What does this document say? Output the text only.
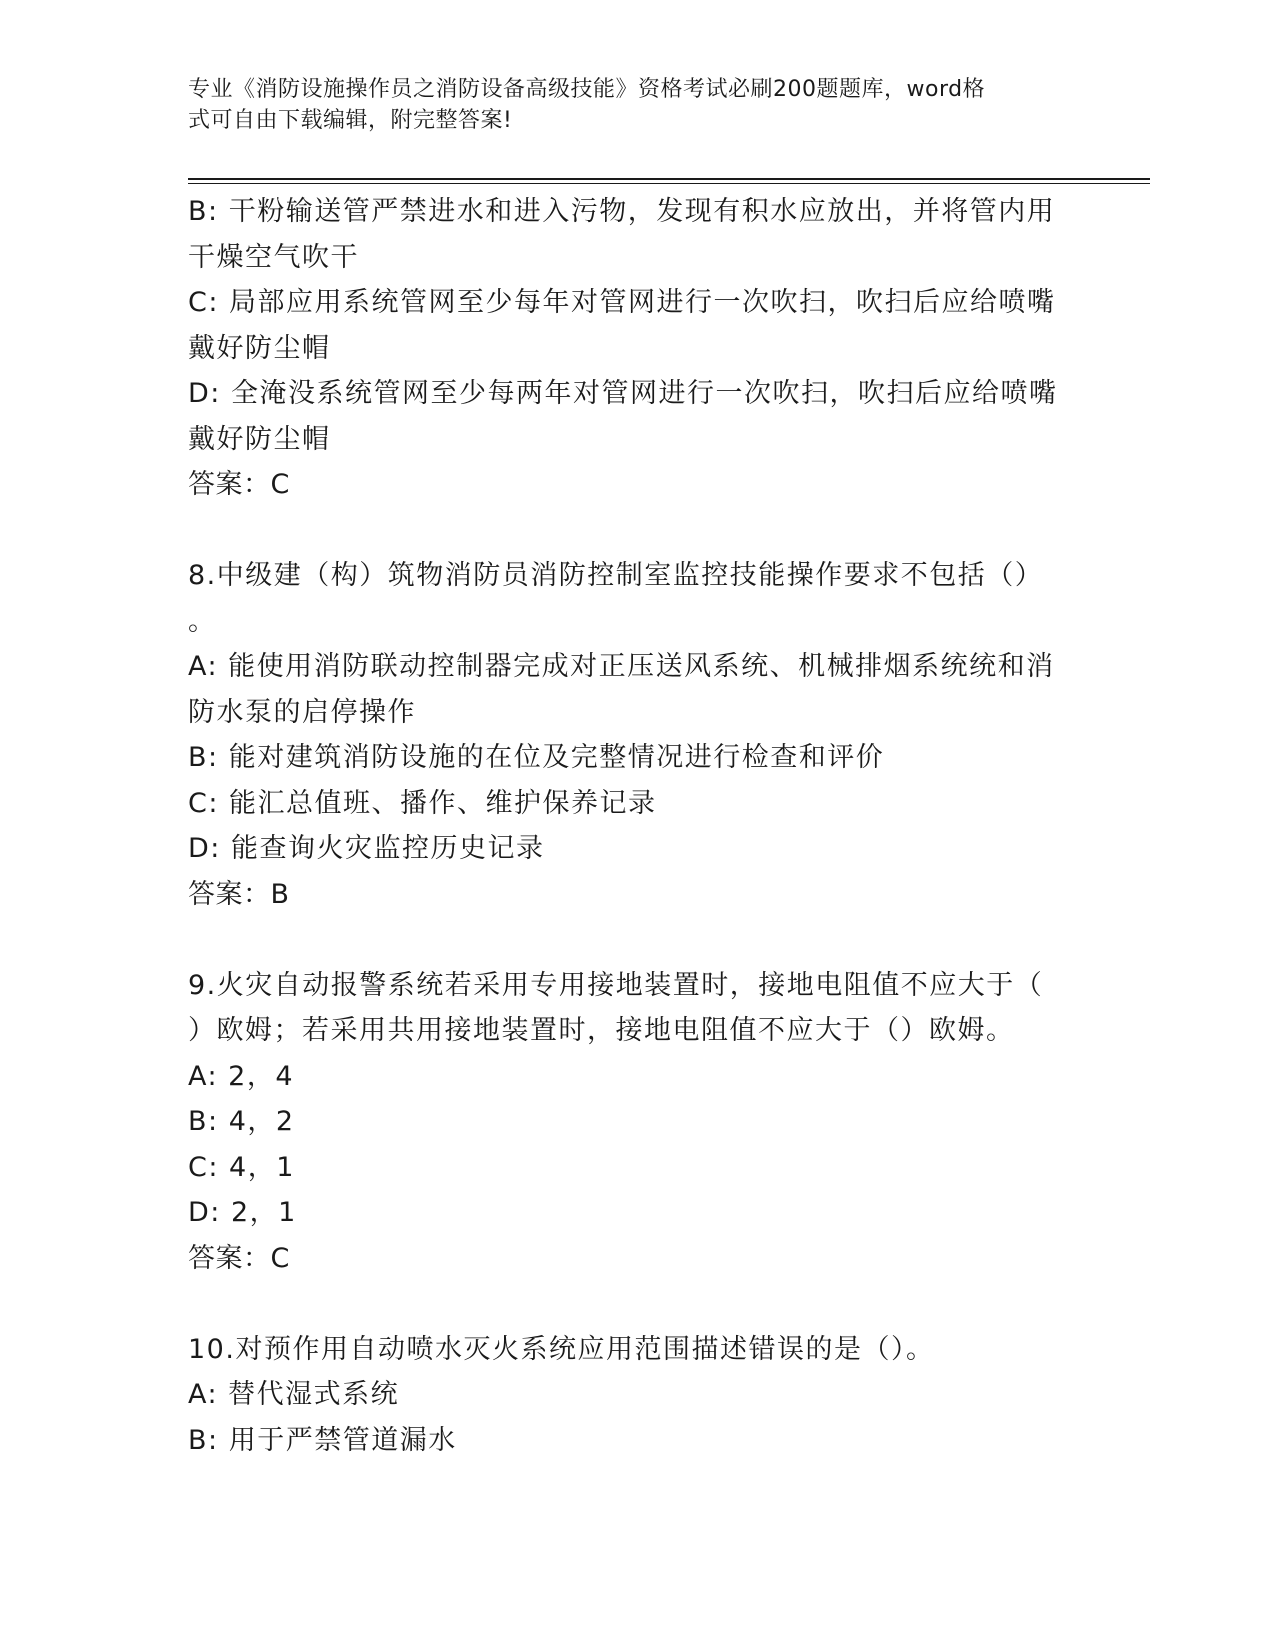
专业《消防设施操作员之消防设备高级技能》资格考试必刷200题题库，word格
式可自由下载编辑，附完整答案!
B: 干粉输送管严禁进水和进入污物，发现有积水应放出，并将管内用
干燥空气吹干
C: 局部应用系统管网至少每年对管网进行一次吹扫，吹扫后应给喷嘴
戴好防尘帽
D: 全淹没系统管网至少每两年对管网进行一次吹扫，吹扫后应给喷嘴
戴好防尘帽
答案：C
8.中级建（构）筑物消防员消防控制室监控技能操作要求不包括（）
。
A: 能使用消防联动控制器完成对正压送风系统、机械排烟系统统和消
防水泵的启停操作
B: 能对建筑消防设施的在位及完整情况进行检查和评价
C: 能汇总值班、播作、维护保养记录
D: 能查询火灾监控历史记录
答案：B
9.火灾自动报警系统若采用专用接地装置时，接地电阻值不应大于（
）欧姆；若采用共用接地装置时，接地电阻值不应大于（）欧姆。
A: 2，4
B: 4，2
C: 4，1
D: 2，1
答案：C
10.对预作用自动喷水灭火系统应用范围描述错误的是（）。
A: 替代湿式系统
B: 用于严禁管道漏水
